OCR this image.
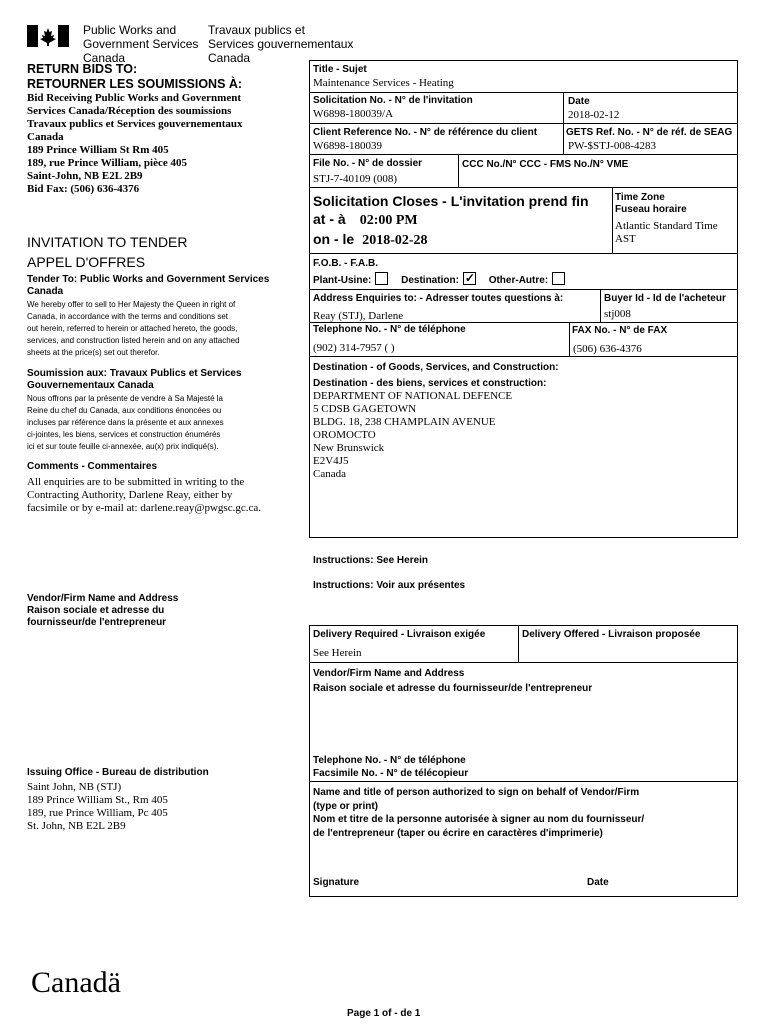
Public Works and
Government Services
Canada
Travaux publics et
Services gouvernementaux
Canada
RETURN BIDS TO:
RETOURNER LES SOUMISSIONS À:
Bid Receiving Public Works and Government
Services Canada/Réception des soumissions
Travaux publics et Services gouvernementaux
Canada
189 Prince William St Rm 405
189, rue Prince William, pièce 405
Saint-John, NB E2L 2B9
Bid Fax: (506) 636-4376
INVITATION TO TENDER
APPEL D'OFFRES
Tender To: Public Works and Government Services
Canada
We hereby offer to sell to Her Majesty the Queen in right of
Canada, in accordance with the terms and conditions set
out herein, referred to herein or attached hereto, the goods,
services, and construction listed herein and on any attached
sheets at the price(s) set out therefor.
Soumission aux: Travaux Publics et Services
Gouvernementaux Canada
Nous offrons par la présente de vendre à Sa Majesté la
Reine du chef du Canada, aux conditions énoncées ou
incluses par référence dans la présente et aux annexes
ci-jointes, les biens, services et construction énumérés
ici et sur toute feuille ci-annexée, au(x) prix indiqué(s).
Comments - Commentaires
All enquiries are to be submitted in writing to the
Contracting Authority, Darlene Reay, either by
facsimile or by e-mail at: darlene.reay@pwgsc.gc.ca.
Vendor/Firm Name and Address
Raison sociale et adresse du
fournisseur/de l'entrepreneur
Issuing Office - Bureau de distribution
Saint John, NB (STJ)
189 Prince William St., Rm 405
189, rue Prince William, Pc 405
St. John, NB E2L 2B9
Title - Sujet
Maintenance Services - Heating
Solicitation No. - N° de l'invitation
W6898-180039/A
Date
2018-02-12
Client Reference No. - N° de référence du client
W6898-180039
GETS Ref. No. - N° de réf. de SEAG
PW-$STJ-008-4283
File No. - N° de dossier
STJ-7-40109 (008)
CCC No./N° CCC - FMS No./N° VME
Solicitation Closes - L'invitation prend fin
at - à 02:00 PM
on - le 2018-02-28
Time Zone
Fuseau horaire
Atlantic Standard Time
AST
F.O.B. - F.A.B.
Plant-Usine:	Destination: ✓ Other-Autre:
Address Enquiries to: - Adresser toutes questions à:
Reay (STJ), Darlene
Buyer Id - Id de l'acheteur
stj008
Telephone No. - N° de téléphone
(902) 314-7957 ( )
FAX No. - N° de FAX
(506) 636-4376
Destination - of Goods, Services, and Construction:
Destination - des biens, services et construction:
DEPARTMENT OF NATIONAL DEFENCE
5 CDSB GAGETOWN
BLDG. 18, 238 CHAMPLAIN AVENUE
OROMOCTO
New Brunswick
E2V4J5
Canada
Instructions: See Herein
Instructions: Voir aux présentes
Delivery Required - Livraison exigée
See Herein
Delivery Offered - Livraison proposée
Vendor/Firm Name and Address
Raison sociale et adresse du fournisseur/de l'entrepreneur
Telephone No. - N° de téléphone
Facsimile No. - N° de télécopieur
Name and title of person authorized to sign on behalf of Vendor/Firm
(type or print)
Nom et titre de la personne autorisée à signer au nom du fournisseur/
de l'entrepreneur (taper ou écrire en caractères d'imprimerie)
Signature	Date
Canadä
Page 1 of - de 1
